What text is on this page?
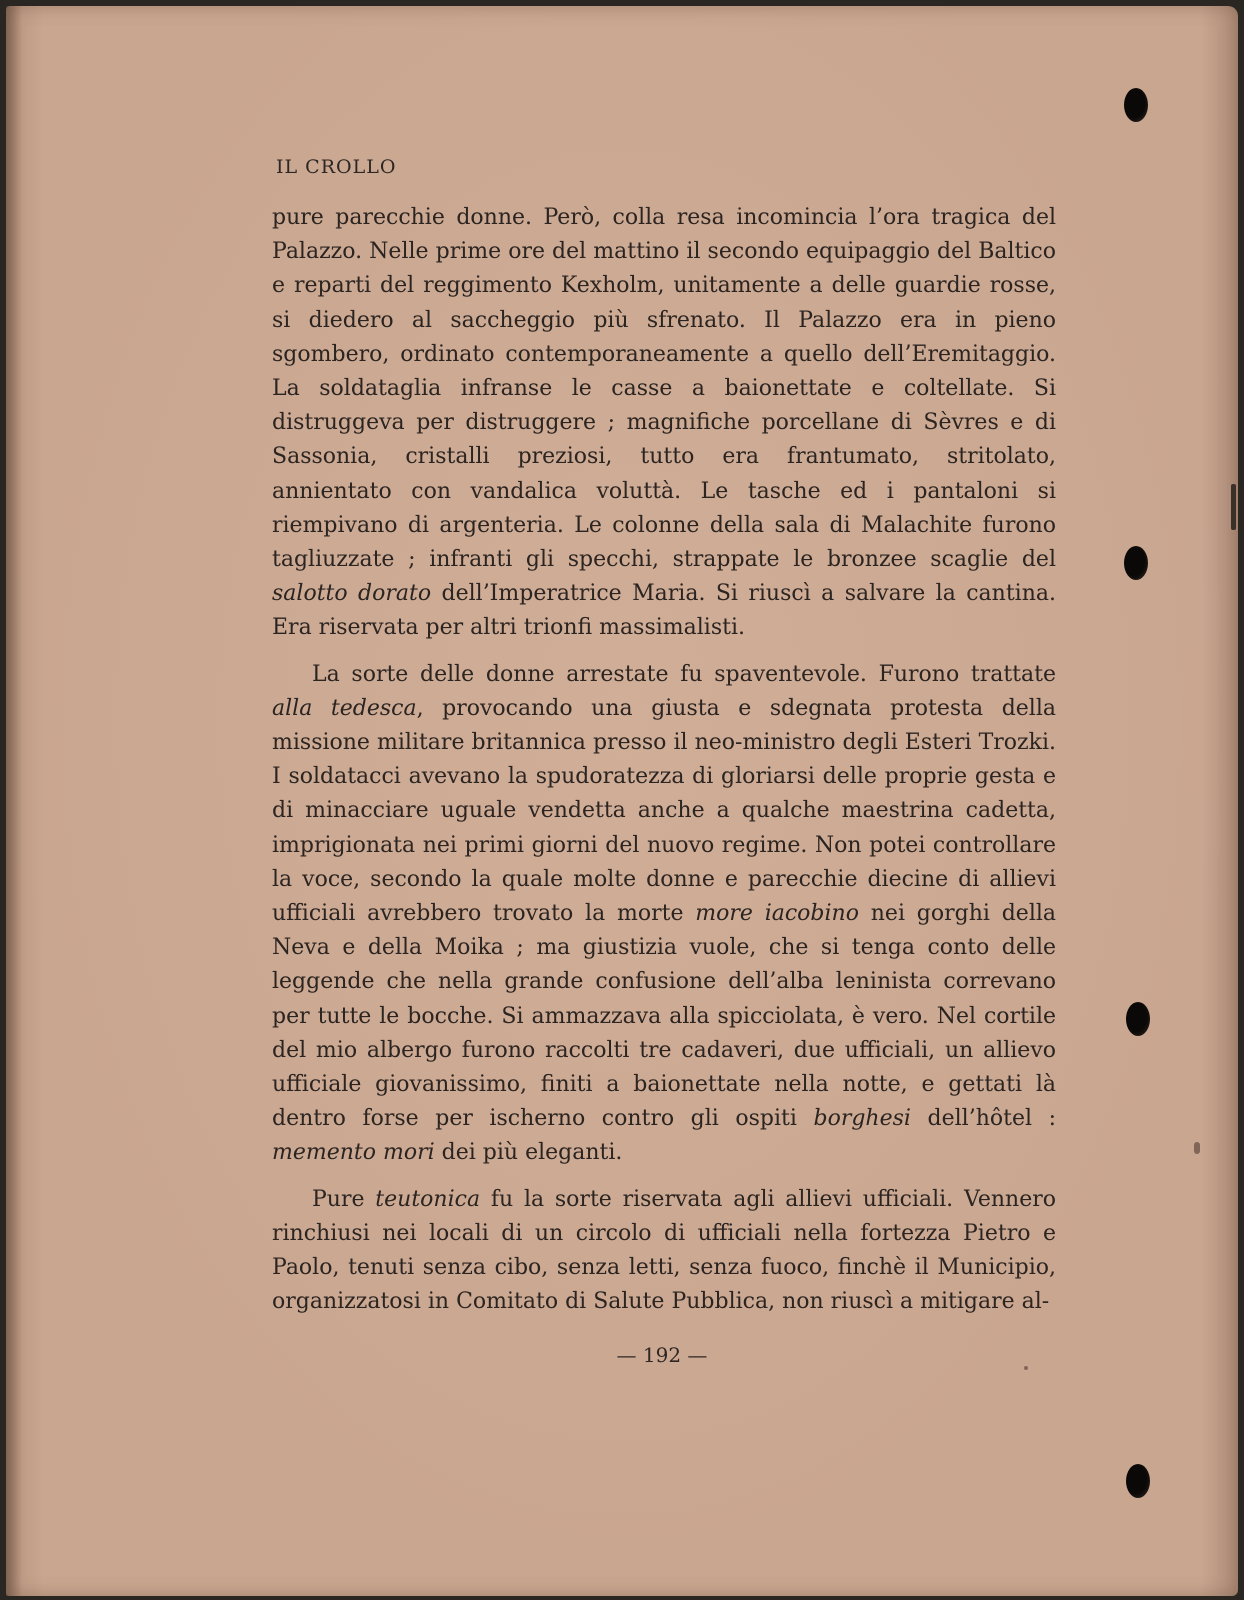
IL CROLLO

pure parecchie donne. Però, colla resa incomincia l’ora tragica del Palazzo. Nelle prime ore del mattino il secondo equipaggio del Baltico e reparti del reggimento Kexholm, unitamente a delle guardie rosse, si diedero al saccheggio più sfrenato. Il Palazzo era in pieno sgombero, ordinato contemporaneamente a quello dell’Eremitaggio. La soldataglia infranse le casse a baionettate e coltellate. Si distruggeva per distruggere ; magnifiche porcellane di Sèvres e di Sassonia, cristalli preziosi, tutto era frantumato, stritolato, annientato con vandalica voluttà. Le tasche ed i pantaloni si riempivano di argenteria. Le colonne della sala di Malachite furono tagliuzzate ; infranti gli specchi, strappate le bronzee scaglie del salotto dorato dell’Imperatrice Maria. Si riuscì a salvare la cantina. Era riservata per altri trionfi massimalisti.

La sorte delle donne arrestate fu spaventevole. Furono trattate alla tedesca, provocando una giusta e sdegnata protesta della missione militare britannica presso il neo-ministro degli Esteri Trozki. I soldatacci avevano la spudoratezza di gloriarsi delle proprie gesta e di minacciare uguale vendetta anche a qualche maestrina cadetta, imprigionata nei primi giorni del nuovo regime. Non potei controllare la voce, secondo la quale molte donne e parecchie diecine di allievi ufficiali avrebbero trovato la morte more iacobino nei gorghi della Neva e della Moika ; ma giustizia vuole, che si tenga conto delle leggende che nella grande confusione dell’alba leninista correvano per tutte le bocche. Si ammazzava alla spicciolata, è vero. Nel cortile del mio albergo furono raccolti tre cadaveri, due ufficiali, un allievo ufficiale giovanissimo, finiti a baionettate nella notte, e gettati là dentro forse per ischerno contro gli ospiti borghesi dell’hôtel : memento mori dei più eleganti.

Pure teutonica fu la sorte riservata agli allievi ufficiali. Vennero rinchiusi nei locali di un circolo di ufficiali nella fortezza Pietro e Paolo, tenuti senza cibo, senza letti, senza fuoco, finchè il Municipio, organizzatosi in Comitato di Salute Pubblica, non riuscì a mitigare al-

— 192 —
